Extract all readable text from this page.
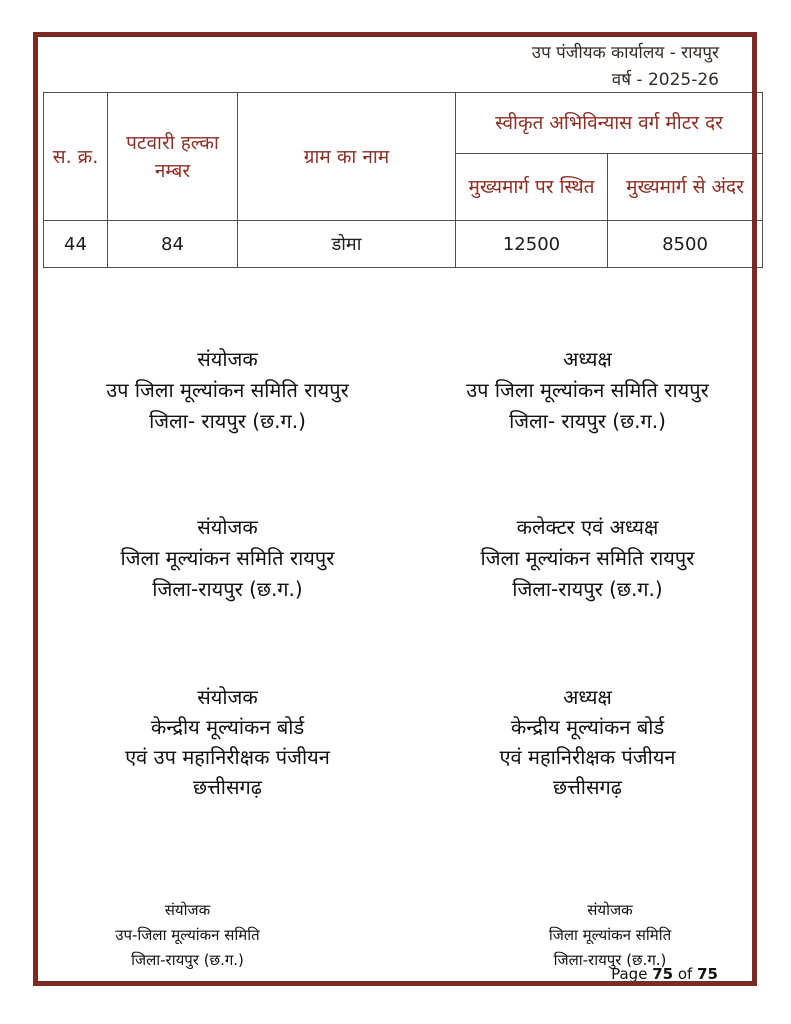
उप पंजीयक कार्यालय - रायपुर
वर्ष - 2025-26
स. क्र.	पटवारी हल्का नम्बर	ग्राम का नाम	स्वीकृत अभिविन्यास वर्ग मीटर दर	
			मुख्यमार्ग पर स्थित	मुख्यमार्ग से अंदर
44	84	डोमा	12500	8500
संयोजक
उप जिला मूल्यांकन समिति रायपुर
जिला- रायपुर (छ.ग.)
अध्यक्ष
उप जिला मूल्यांकन समिति रायपुर
जिला- रायपुर (छ.ग.)
संयोजक
जिला मूल्यांकन समिति रायपुर
जिला-रायपुर (छ.ग.)
कलेक्टर एवं अध्यक्ष
जिला मूल्यांकन समिति रायपुर
जिला-रायपुर (छ.ग.)
संयोजक
केन्द्रीय मूल्यांकन बोर्ड
एवं उप महानिरीक्षक पंजीयन
छत्तीसगढ़
अध्यक्ष
केन्द्रीय मूल्यांकन बोर्ड
एवं महानिरीक्षक पंजीयन
छत्तीसगढ़
संयोजक
उप-जिला मूल्यांकन समिति
जिला-रायपुर (छ.ग.)
संयोजक
जिला मूल्यांकन समिति
जिला-रायपुर (छ.ग.)
Page 75 of 75
